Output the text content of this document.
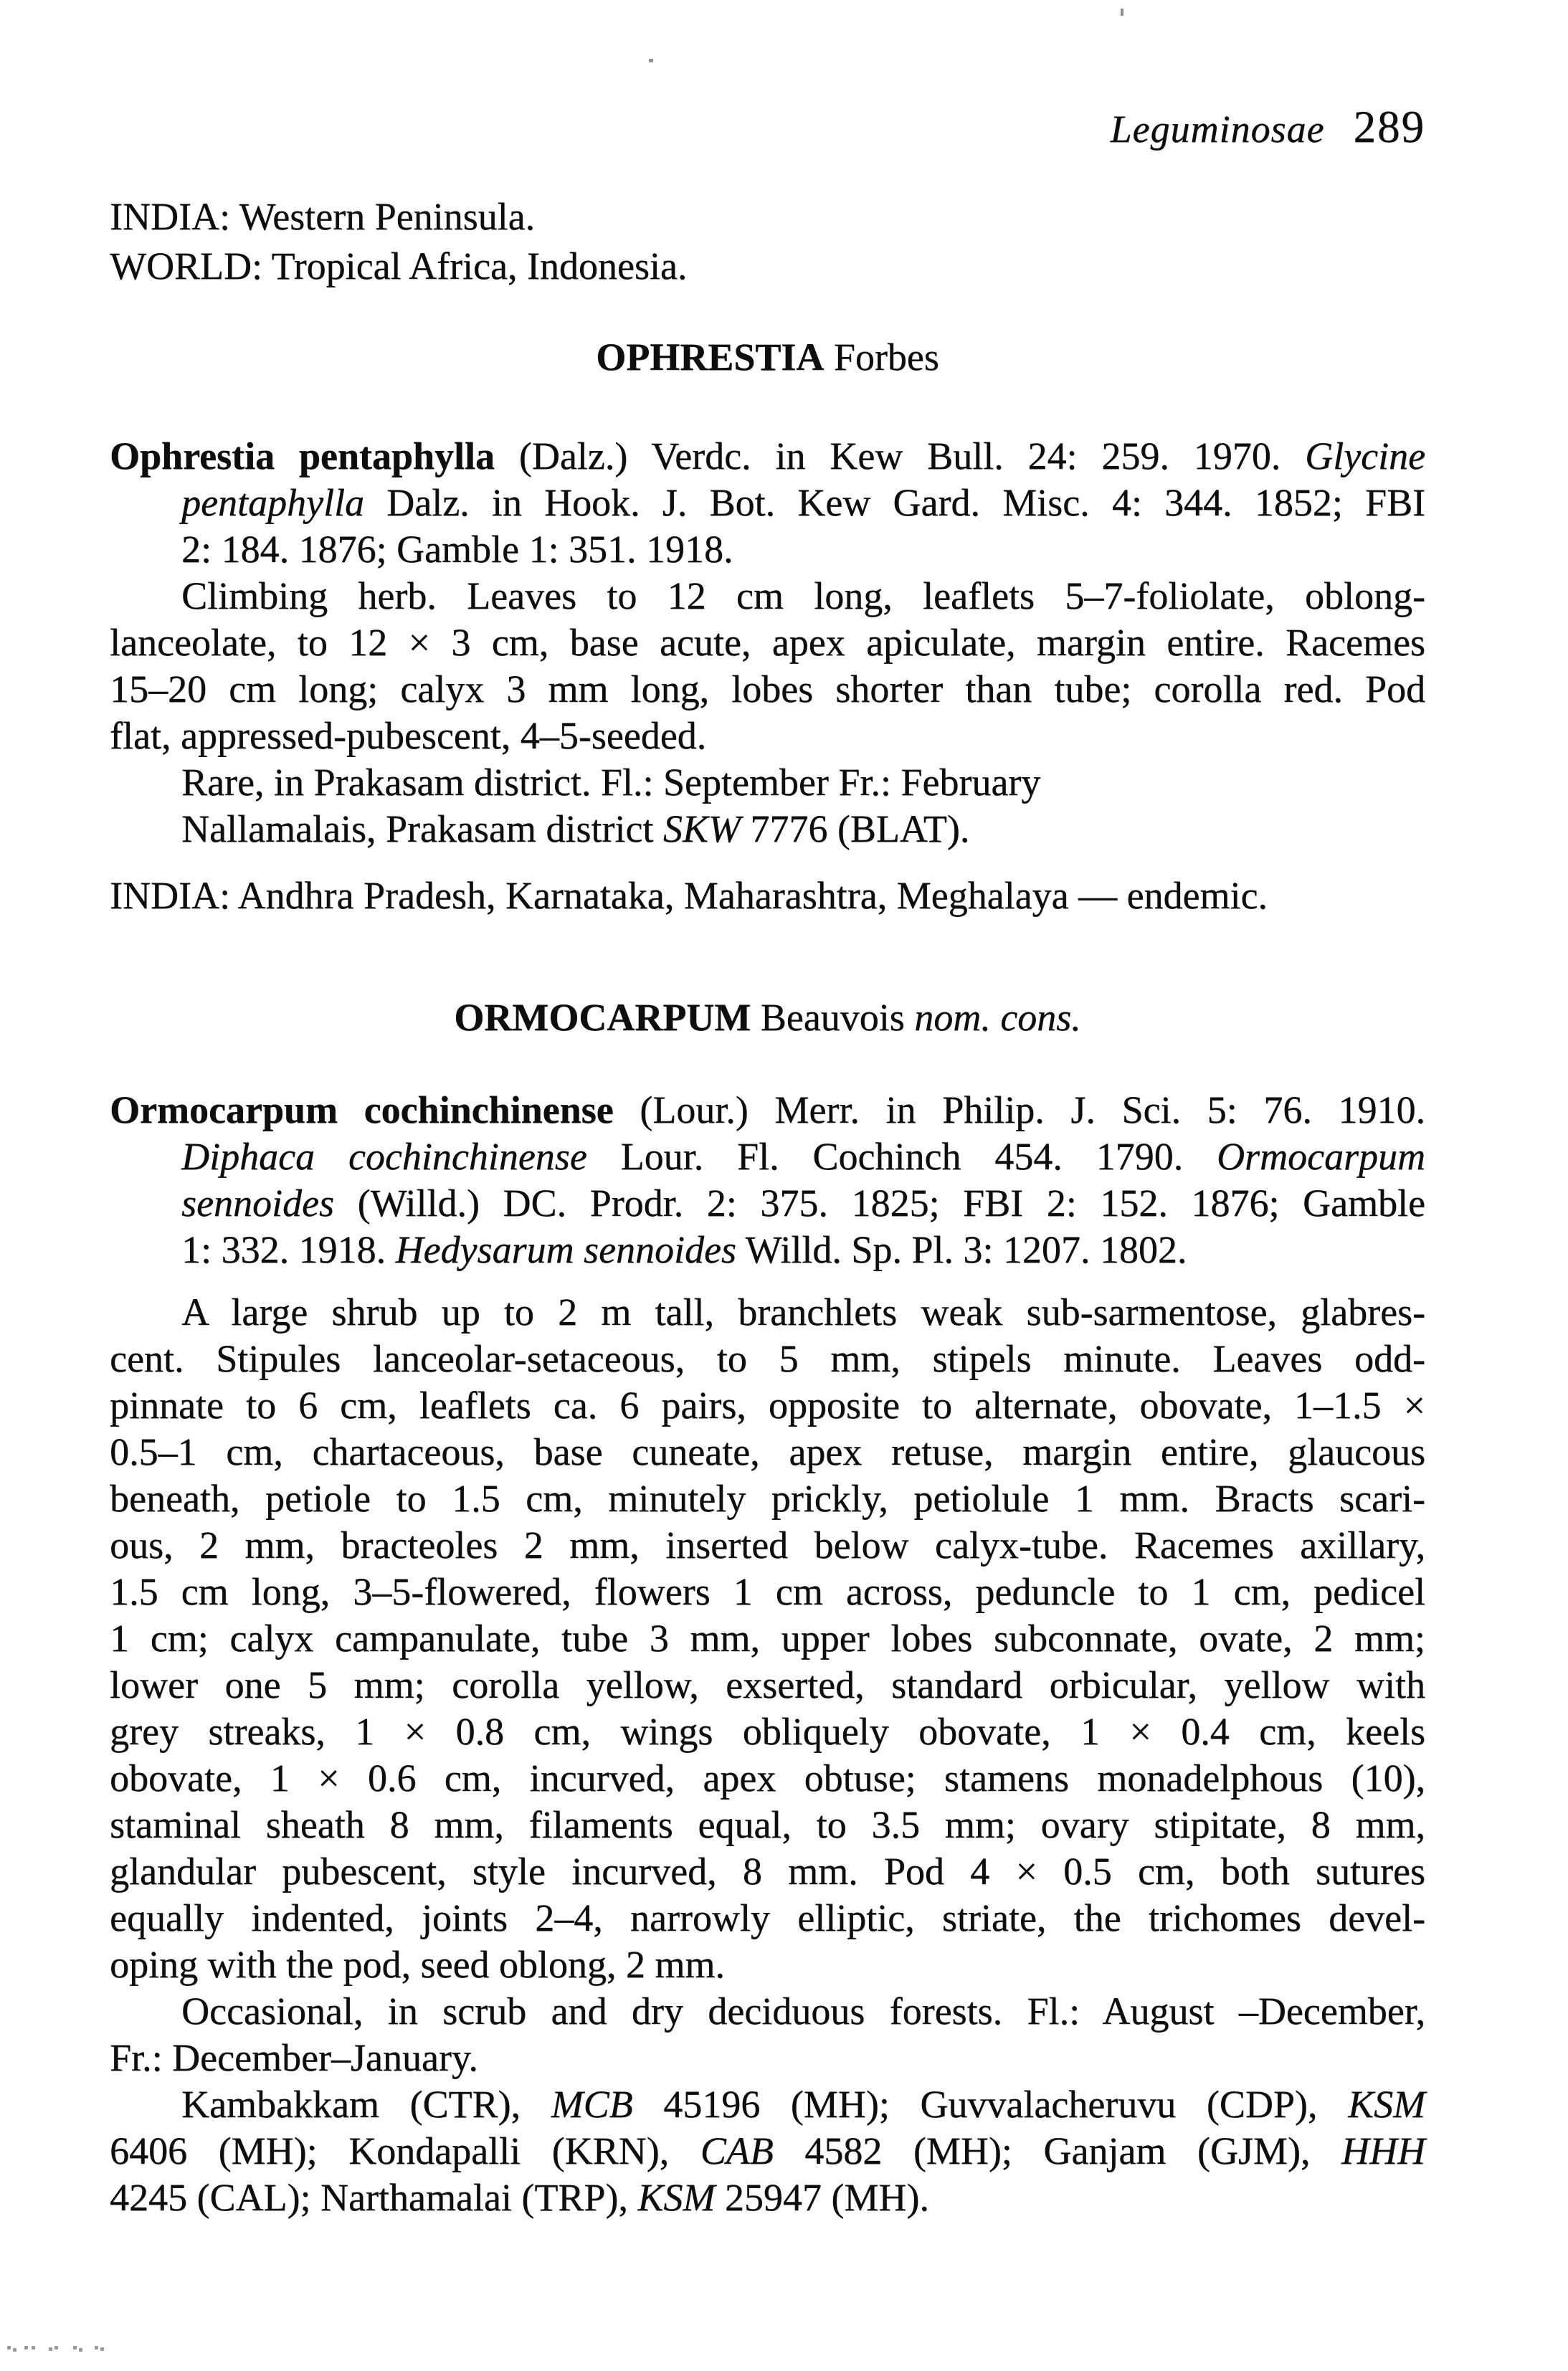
Leguminosae 289
INDIA: Western Peninsula.
WORLD: Tropical Africa, Indonesia.
OPHRESTIA Forbes
Ophrestia pentaphylla (Dalz.) Verdc. in Kew Bull. 24: 259. 1970. Glycine
pentaphylla Dalz. in Hook. J. Bot. Kew Gard. Misc. 4: 344. 1852; FBI
2: 184. 1876; Gamble 1: 351. 1918.
Climbing herb. Leaves to 12 cm long, leaflets 5–7-foliolate, oblong-
lanceolate, to 12 × 3 cm, base acute, apex apiculate, margin entire. Racemes
15–20 cm long; calyx 3 mm long, lobes shorter than tube; corolla red. Pod
flat, appressed-pubescent, 4–5-seeded.
Rare, in Prakasam district. Fl.: September Fr.: February
Nallamalais, Prakasam district SKW 7776 (BLAT).
INDIA: Andhra Pradesh, Karnataka, Maharashtra, Meghalaya — endemic.
ORMOCARPUM Beauvois nom. cons.
Ormocarpum cochinchinense (Lour.) Merr. in Philip. J. Sci. 5: 76. 1910.
Diphaca cochinchinense Lour. Fl. Cochinch 454. 1790. Ormocarpum
sennoides (Willd.) DC. Prodr. 2: 375. 1825; FBI 2: 152. 1876; Gamble
1: 332. 1918. Hedysarum sennoides Willd. Sp. Pl. 3: 1207. 1802.
A large shrub up to 2 m tall, branchlets weak sub-sarmentose, glabres-
cent. Stipules lanceolar-setaceous, to 5 mm, stipels minute. Leaves odd-
pinnate to 6 cm, leaflets ca. 6 pairs, opposite to alternate, obovate, 1–1.5 ×
0.5–1 cm, chartaceous, base cuneate, apex retuse, margin entire, glaucous
beneath, petiole to 1.5 cm, minutely prickly, petiolule 1 mm. Bracts scari-
ous, 2 mm, bracteoles 2 mm, inserted below calyx-tube. Racemes axillary,
1.5 cm long, 3–5-flowered, flowers 1 cm across, peduncle to 1 cm, pedicel
1 cm; calyx campanulate, tube 3 mm, upper lobes subconnate, ovate, 2 mm;
lower one 5 mm; corolla yellow, exserted, standard orbicular, yellow with
grey streaks, 1 × 0.8 cm, wings obliquely obovate, 1 × 0.4 cm, keels
obovate, 1 × 0.6 cm, incurved, apex obtuse; stamens monadelphous (10),
staminal sheath 8 mm, filaments equal, to 3.5 mm; ovary stipitate, 8 mm,
glandular pubescent, style incurved, 8 mm. Pod 4 × 0.5 cm, both sutures
equally indented, joints 2–4, narrowly elliptic, striate, the trichomes devel-
oping with the pod, seed oblong, 2 mm.
Occasional, in scrub and dry deciduous forests. Fl.: August –December,
Fr.: December–January.
Kambakkam (CTR), MCB 45196 (MH); Guvvalacheruvu (CDP), KSM
6406 (MH); Kondapalli (KRN), CAB 4582 (MH); Ganjam (GJM), HHH
4245 (CAL); Narthamalai (TRP), KSM 25947 (MH).
